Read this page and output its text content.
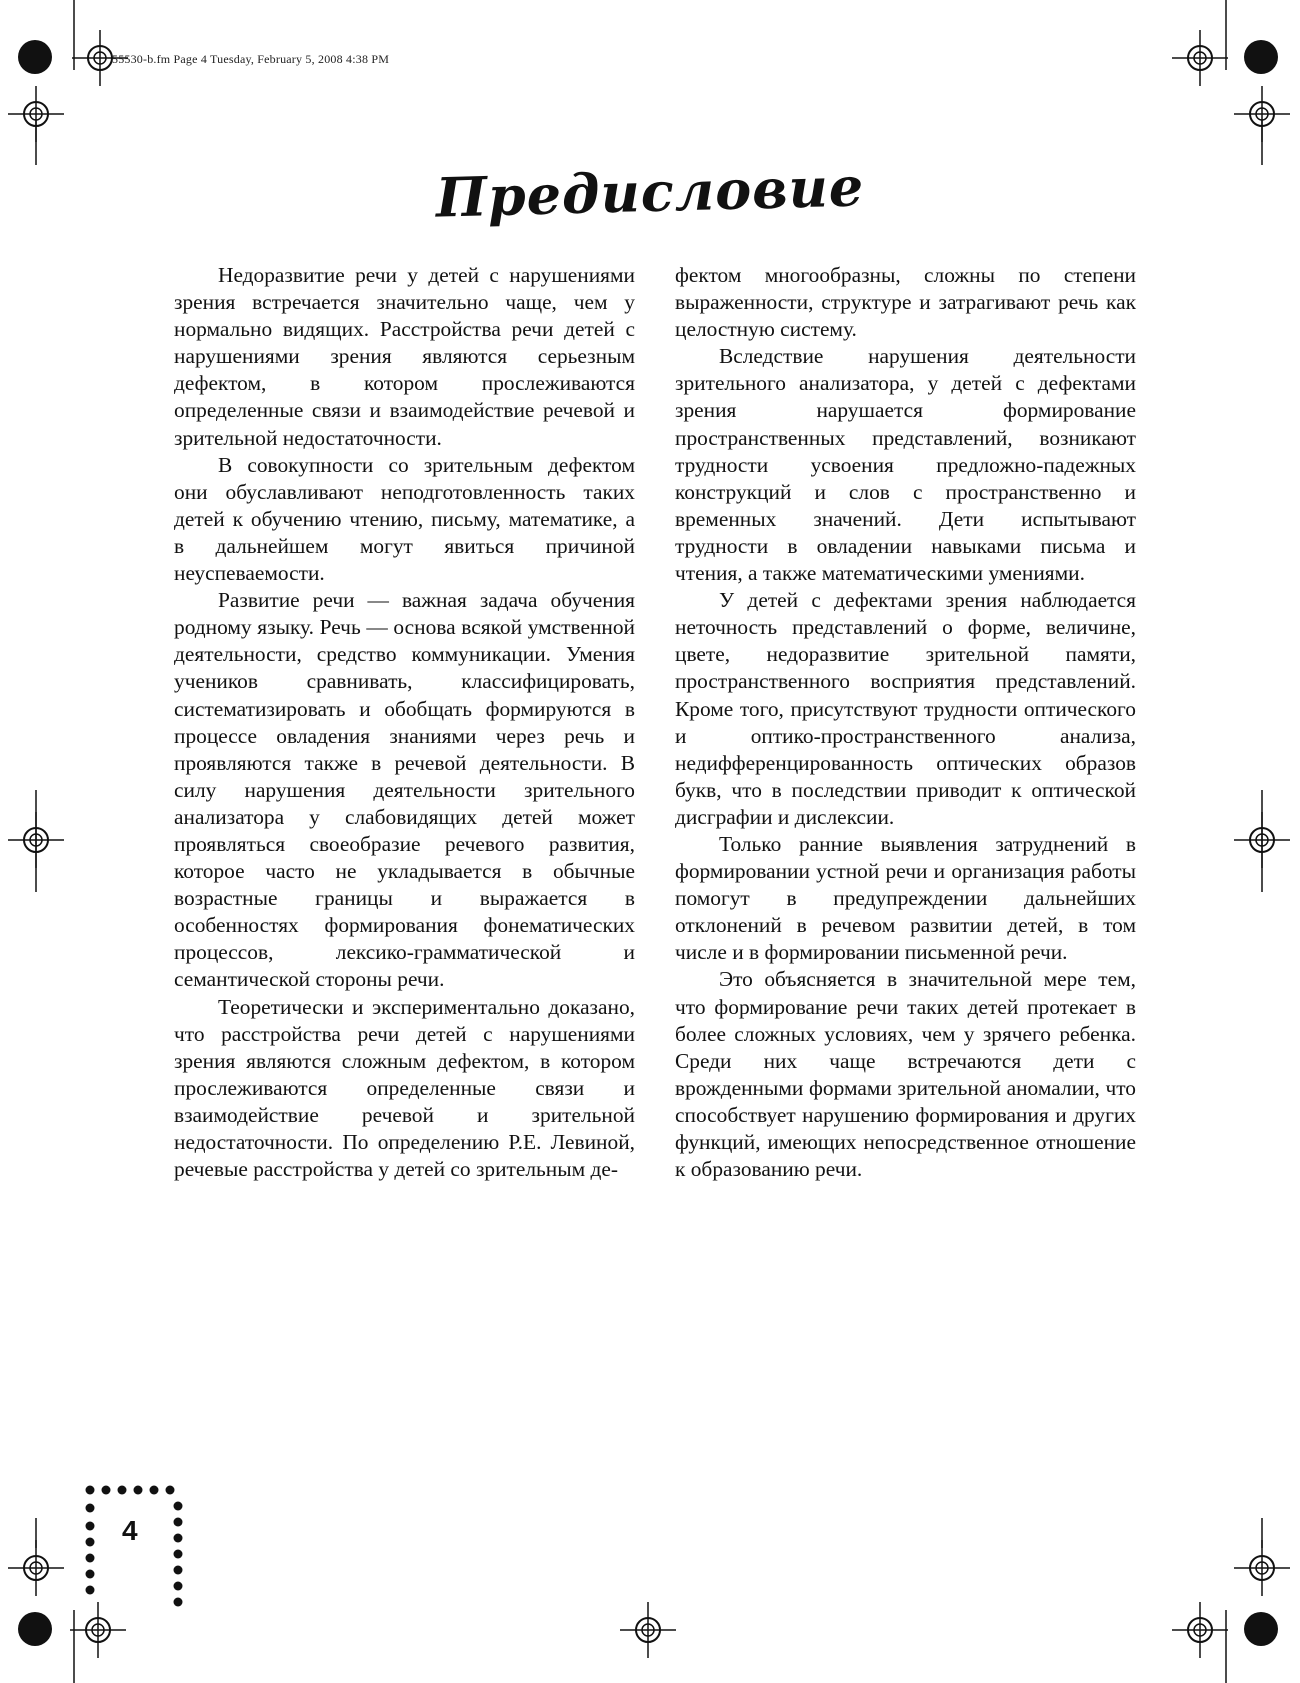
55530-b.fm Page 4 Tuesday, February 5, 2008 4:38 PM
Предисловие

Недоразвитие речи у детей с нарушениями зрения встречается значительно чаще, чем у нормально видящих. Расстройства речи детей с нарушениями зрения являются серьезным дефектом, в котором прослеживаются определенные связи и взаимодействие речевой и зрительной недостаточности.

В совокупности со зрительным дефектом они обуславливают неподготовленность таких детей к обучению чтению, письму, математике, а в дальнейшем могут явиться причиной неуспеваемости.

Развитие речи — важная задача обучения родному языку. Речь — основа всякой умственной деятельности, средство коммуникации. Умения учеников сравнивать, классифицировать, систематизировать и обобщать формируются в процессе овладения знаниями через речь и проявляются также в речевой деятельности. В силу нарушения деятельности зрительного анализатора у слабовидящих детей может проявляться своеобразие речевого развития, которое часто не укладывается в обычные возрастные границы и выражается в особенностях формирования фонематических процессов, лексико-грамматической и семантической стороны речи.

Теоретически и экспериментально доказано, что расстройства речи детей с нарушениями зрения являются сложным дефектом, в котором прослеживаются определенные связи и взаимодействие речевой и зрительной недостаточности. По определению Р.Е. Левиной, речевые расстройства у детей со зрительным де-

фектом многообразны, сложны по степени выраженности, структуре и затрагивают речь как целостную систему.

Вследствие нарушения деятельности зрительного анализатора, у детей с дефектами зрения нарушается формирование пространственных представлений, возникают трудности усвоения предложно-падежных конструкций и слов с пространственно и временных значений. Дети испытывают трудности в овладении навыками письма и чтения, а также математическими умениями.

У детей с дефектами зрения наблюдается неточность представлений о форме, величине, цвете, недоразвитие зрительной памяти, пространственного восприятия представлений. Кроме того, присутствуют трудности оптического и оптико-пространственного анализа, недифференцированность оптических образов букв, что в последствии приводит к оптической дисграфии и дислексии.

Только ранние выявления затруднений в формировании устной речи и организация работы помогут в предупреждении дальнейших отклонений в речевом развитии детей, в том числе и в формировании письменной речи.

Это объясняется в значительной мере тем, что формирование речи таких детей протекает в более сложных условиях, чем у зрячего ребенка. Среди них чаще встречаются дети с врожденными формами зрительной аномалии, что способствует нарушению формирования и других функций, имеющих непосредственное отношение к образованию речи.

4
